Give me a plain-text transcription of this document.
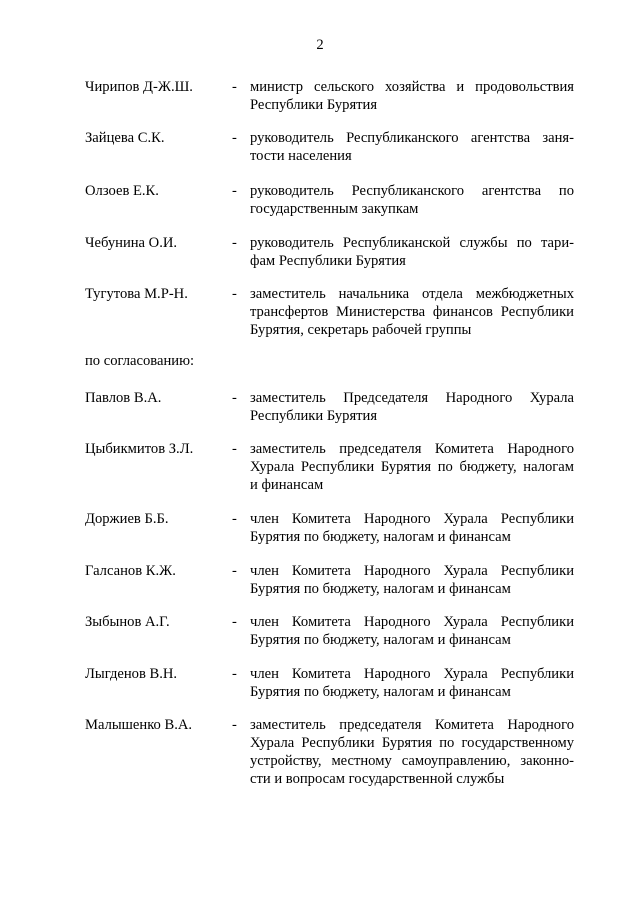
2
Чирипов Д-Ж.Ш.	- министр сельского хозяйства и продовольствия
Республики Бурятия
Зайцева С.К.	- руководитель Республиканского агентства заня-
тости населения
Олзоев Е.К.	- руководитель Республиканского агентства по
государственным закупкам
Чебунина О.И.	- руководитель Республиканской службы по тари-
фам Республики Бурятия
Тугутова М.Р-Н.	- заместитель начальника отдела межбюджетных
трансфертов Министерства финансов Республики
Бурятия, секретарь рабочей группы
по согласованию:
Павлов В.А.	- заместитель Председателя Народного Хурала
Республики Бурятия
Цыбикмитов З.Л.	- заместитель председателя Комитета Народного
Хурала Республики Бурятия по бюджету, налогам
и финансам
Доржиев Б.Б.	- член Комитета Народного Хурала Республики
Бурятия по бюджету, налогам и финансам
Галсанов К.Ж.	- член Комитета Народного Хурала Республики
Бурятия по бюджету, налогам и финансам
Зыбынов А.Г.	- член Комитета Народного Хурала Республики
Бурятия по бюджету, налогам и финансам
Лыгденов В.Н.	- член Комитета Народного Хурала Республики
Бурятия по бюджету, налогам и финансам
Малышенко В.А.	- заместитель председателя Комитета Народного
Хурала Республики Бурятия по государственному
устройству, местному самоуправлению, законно-
сти и вопросам государственной службы
